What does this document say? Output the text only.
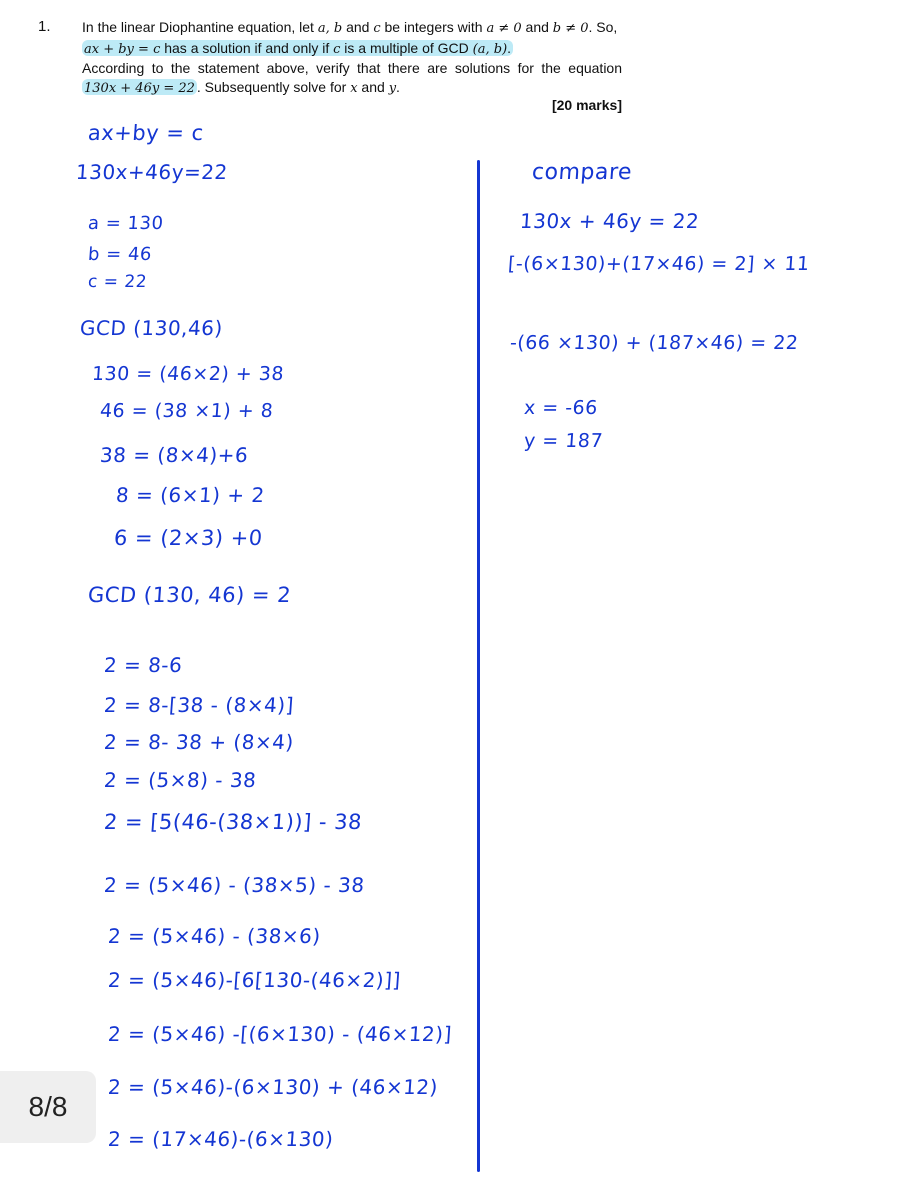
1. In the linear Diophantine equation, let a, b and c be integers with a ≠ 0 and b ≠ 0. So,

ax + by = c has a solution if and only if c is a multiple of GCD (a, b).

According to the statement above, verify that there are solutions for the equation

130x + 46y = 22 . Subsequently solve for x and y.

[20 marks]
ax+by = c
130x+46y=22
a = 130
b = 46
c = 22
GCD (130,46)
130 = (46×2) + 38
46 = (38 ×1) + 8
38 = (8×4)+6
8 = (6×1) + 2
6 = (2×3) +0
GCD (130, 46) = 2
2 = 8-6
2 = 8-[38 - (8×4)]
2 = 8- 38 + (8×4)
2 = (5×8) - 38
2 = [5(46-(38×1))] - 38
2 = (5×46) - (38×5) - 38
2 = (5×46) - (38×6)
2 = (5×46)-[6[130-(46×2)]]
2 = (5×46) -[(6×130) - (46×12)]
2 = (5×46)-(6×130) + (46×12)
2 = (17×46)-(6×130)
compare
130x + 46y = 22
[-(6×130)+(17×46) = 2] × 11
-(66 ×130) + (187×46) = 22
x = -66
y = 187
8/8
